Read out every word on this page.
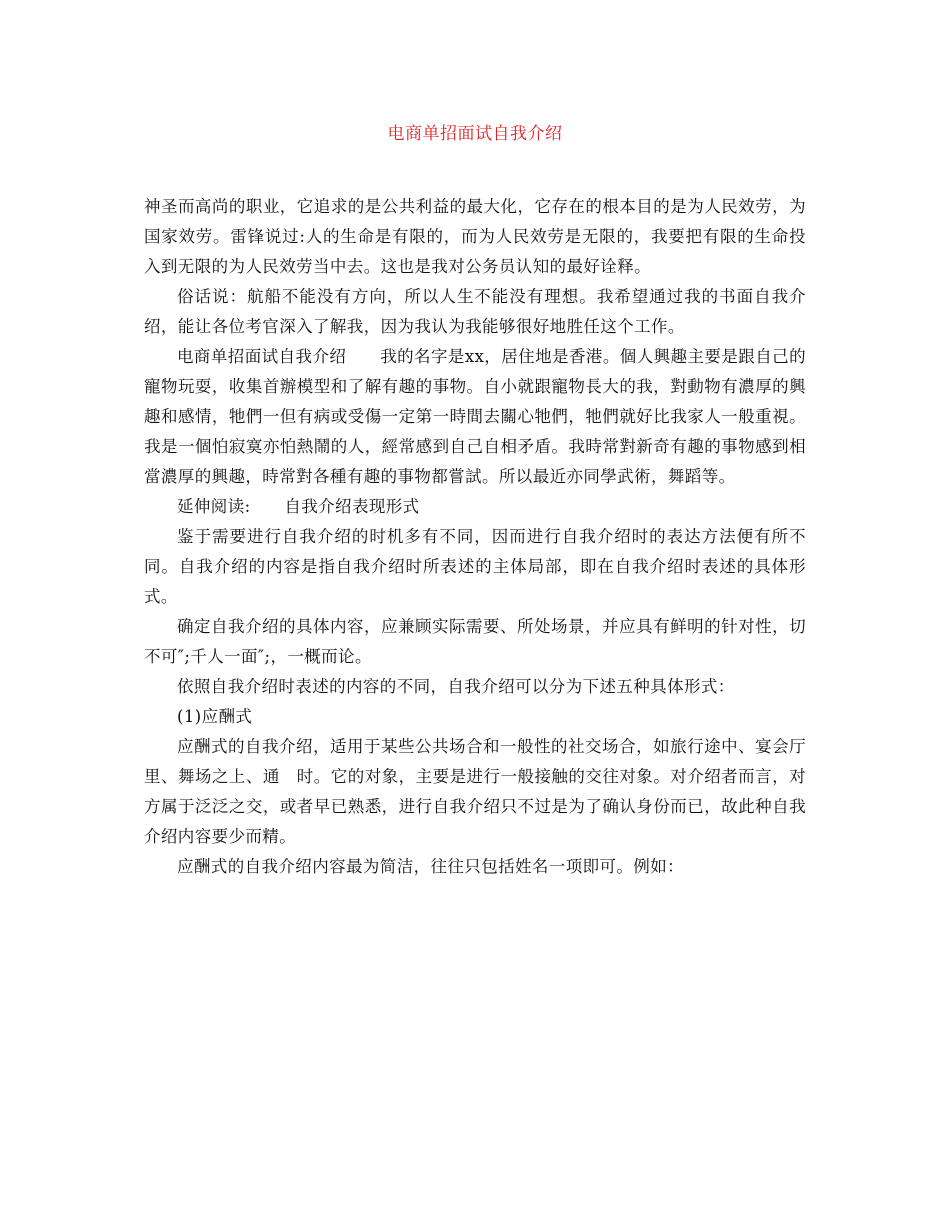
电商单招面试自我介绍

神圣而高尚的职业，它追求的是公共利益的最大化，它存在的根本目的是为人民效劳，为国家效劳。雷锋说过:人的生命是有限的，而为人民效劳是无限的，我要把有限的生命投入到无限的为人民效劳当中去。这也是我对公务员认知的最好诠释。

俗话说：航船不能没有方向，所以人生不能没有理想。我希望通过我的书面自我介绍，能让各位考官深入了解我，因为我认为我能够很好地胜任这个工作。

电商单招面试自我介绍　　我的名字是xx，居住地是香港。個人興趣主要是跟自己的寵物玩耍，收集首辦模型和了解有趣的事物。自小就跟寵物長大的我，對動物有濃厚的興趣和感情，牠們一但有病或受傷一定第一時間去關心牠們，牠們就好比我家人一般重視。我是一個怕寂寞亦怕熱鬧的人，經常感到自己自相矛盾。我時常對新奇有趣的事物感到相當濃厚的興趣，時常對各種有趣的事物都嘗試。所以最近亦同學武術，舞蹈等。

延伸阅读:　　自我介绍表现形式

鉴于需要进行自我介绍的时机多有不同，因而进行自我介绍时的表达方法便有所不同。自我介绍的内容是指自我介绍时所表述的主体局部，即在自我介绍时表述的具体形式。

确定自我介绍的具体内容，应兼顾实际需要、所处场景，并应具有鲜明的针对性，切不可″;千人一面″;，一概而论。

依照自我介绍时表述的内容的不同，自我介绍可以分为下述五种具体形式：

(1)应酬式

应酬式的自我介绍，适用于某些公共场合和一般性的社交场合，如旅行途中、宴会厅里、舞场之上、通　时。它的对象，主要是进行一般接触的交往对象。对介绍者而言，对方属于泛泛之交，或者早已熟悉，进行自我介绍只不过是为了确认身份而已，故此种自我介绍内容要少而精。

应酬式的自我介绍内容最为简洁，往往只包括姓名一项即可。例如：
